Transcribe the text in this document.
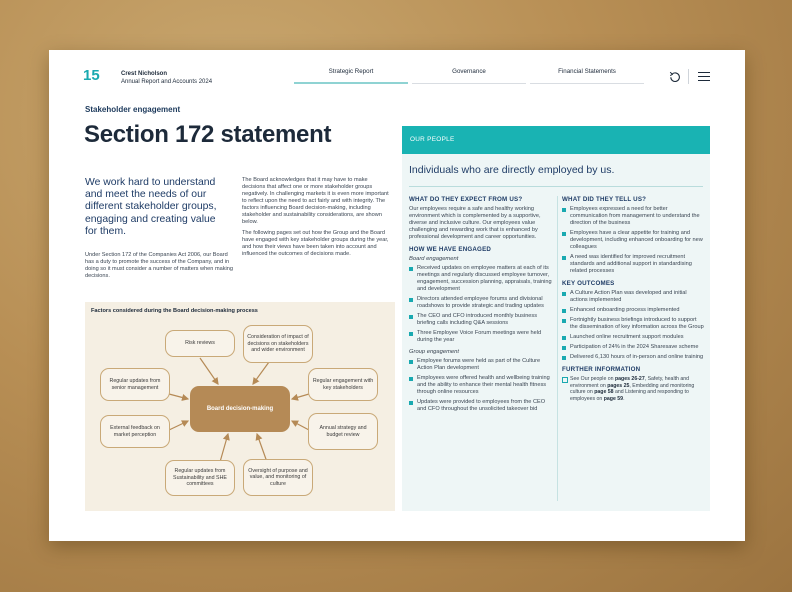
15	Crest Nicholson
Annual Report and Accounts 2024
Strategic Report	Governance	Financial Statements
Stakeholder engagement
Section 172 statement
We work hard to understand and meet the needs of our different stakeholder groups, engaging and creating value for them.
Under Section 172 of the Companies Act 2006, our Board has a duty to promote the success of the Company, and in doing so it must consider a number of matters when making decisions.

The Board acknowledges that it may have to make decisions that affect one or more stakeholder groups negatively. In challenging markets it is even more important to reflect upon the need to act fairly and with integrity. The factors influencing Board decision-making, including stakeholder and sustainability considerations, are shown below.

The following pages set out how the Group and the Board have engaged with key stakeholder groups during the year, and how their views have been taken into account and influenced the outcomes of decisions made.

Factors considered during the Board decision-making process
Risk reviews
Consideration of impact of decisions on stakeholders and wider environment
Regular updates from senior management
Regular engagement with key stakeholders
External feedback on market perception
Annual strategy and budget review
Regular updates from Sustainability and SHE committees
Oversight of purpose and value, and monitoring of culture
Board decision-making
OUR PEOPLE
Individuals who are directly employed by us.
WHAT DO THEY EXPECT FROM US?

Our employees require a safe and healthy working environment which is complemented by a supportive, diverse and inclusive culture. Our employees value challenging and rewarding work that is enhanced by professional development and career opportunities.

HOW WE HAVE ENGAGED
Board engagement
Received updates on employee matters at each of its meetings and regularly discussed employee turnover, engagement, succession planning, appraisals, training and development
Directors attended employee forums and divisional roadshows to provide strategic and trading updates
The CEO and CFO introduced monthly business briefing calls including Q&A sessions
Three Employee Voice Forum meetings were held during the year
Group engagement
Employee forums were held as part of the Culture Action Plan development
Employees were offered health and wellbeing training and the ability to enhance their mental health fitness through online resources
Updates were provided to employees from the CEO and CFO throughout the unsolicited takeover bid
WHAT DID THEY TELL US?
Employees expressed a need for better communication from management to understand the direction of the business
Employees have a clear appetite for training and development, including enhanced onboarding for new colleagues
A need was identified for improved recruitment standards and additional support in standardising related processes
KEY OUTCOMES
A Culture Action Plan was developed and initial actions implemented
Enhanced onboarding process implemented
Fortnightly business briefings introduced to support the dissemination of key information across the Group
Launched online recruitment support modules
Participation of 24% in the 2024 Sharesave scheme
Delivered 6,130 hours of in-person and online training
FURTHER INFORMATION
See Our people on pages 26-27, Safety, health and environment on pages 25, Embedding and monitoring culture on page 58 and Listening and responding to employees on page 59.
